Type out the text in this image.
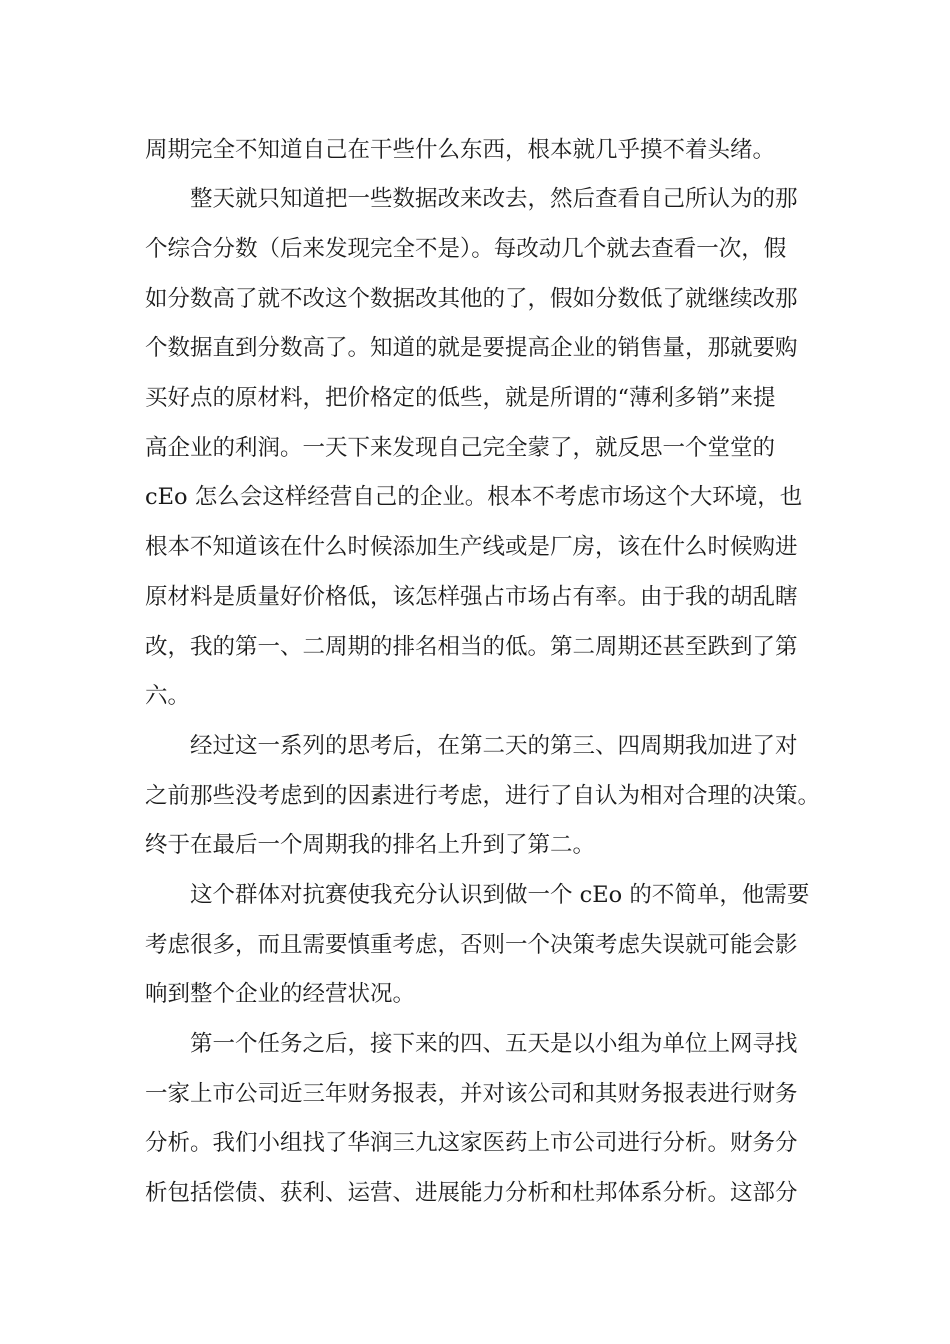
周期完全不知道自己在干些什么东西，根本就几乎摸不着头绪。
整天就只知道把一些数据改来改去，然后查看自己所认为的那
个综合分数（后来发现完全不是）。每改动几个就去查看一次，假
如分数高了就不改这个数据改其他的了，假如分数低了就继续改那
个数据直到分数高了。知道的就是要提高企业的销售量，那就要购
买好点的原材料，把价格定的低些，就是所谓的“薄利多销”来提
高企业的利润。一天下来发现自己完全蒙了，就反思一个堂堂的
cEo 怎么会这样经营自己的企业。根本不考虑市场这个大环境，也
根本不知道该在什么时候添加生产线或是厂房，该在什么时候购进
原材料是质量好价格低，该怎样强占市场占有率。由于我的胡乱瞎
改，我的第一、二周期的排名相当的低。第二周期还甚至跌到了第
六。
经过这一系列的思考后，在第二天的第三、四周期我加进了对
之前那些没考虑到的因素进行考虑，进行了自认为相对合理的决策。
终于在最后一个周期我的排名上升到了第二。
这个群体对抗赛使我充分认识到做一个 cEo 的不简单，他需要
考虑很多，而且需要慎重考虑，否则一个决策考虑失误就可能会影
响到整个企业的经营状况。
第一个任务之后，接下来的四、五天是以小组为单位上网寻找
一家上市公司近三年财务报表，并对该公司和其财务报表进行财务
分析。我们小组找了华润三九这家医药上市公司进行分析。财务分
析包括偿债、获利、运营、进展能力分析和杜邦体系分析。这部分
